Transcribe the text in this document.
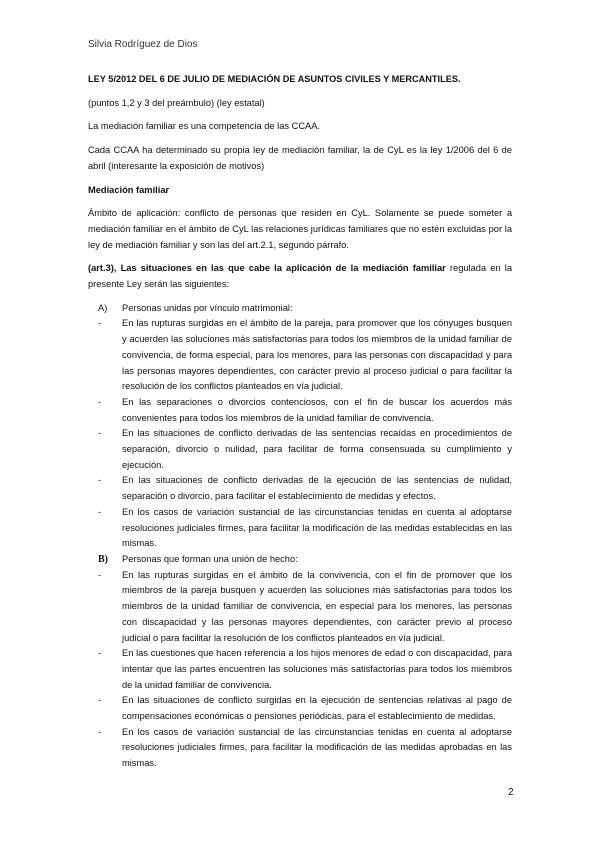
Silvia Rodríguez de Dios

LEY 5/2012 DEL 6 DE JULIO DE MEDIACIÓN DE ASUNTOS CIVILES Y MERCANTILES.

(puntos 1,2 y 3 del preámbulo) (ley estatal)

La mediación familiar es una competencia de las CCAA.

Cada CCAA ha determinado su propia ley de mediación familiar, la de CyL es la ley 1/2006 del 6 de abril (interesante la exposición de motivos)

Mediación familiar

Ámbito de aplicación: conflicto de personas que residen en CyL. Solamente se puede someter a mediación familiar en el ámbito de CyL las relaciones jurídicas familiares que no estén excluidas por la ley de mediación familiar y son las del art.2.1, segundo párrafo.

(art.3), Las situaciones en las que cabe la aplicación de la mediación familiar regulada en la presente Ley serán las siguientes:

A)	Personas unidas por vínculo matrimonial:
-	En las rupturas surgidas en el ámbito de la pareja, para promover que los cónyuges busquen y acuerden las soluciones más satisfactorias para todos los miembros de la unidad familiar de convivencia, de forma especial, para los menores, para las personas con discapacidad y para las personas mayores dependientes, con carácter previo al proceso judicial o para facilitar la resolución de los conflictos planteados en vía judicial.
-	En las separaciones o divorcios contenciosos, con el fin de buscar los acuerdos más convenientes para todos los miembros de la unidad familiar de convivencia.
-	En las situaciones de conflicto derivadas de las sentencias recaídas en procedimientos de separación, divorcio o nulidad, para facilitar de forma consensuada su cumplimiento y ejecución.
-	En las situaciones de conflicto derivadas de la ejecución de las sentencias de nulidad, separación o divorcio, para facilitar el establecimiento de medidas y efectos.
-	En los casos de variación sustancial de las circunstancias tenidas en cuenta al adoptarse resoluciones judiciales firmes, para facilitar la modificación de las medidas establecidas en las mismas.
B)	Personas que forman una unión de hecho:
-	En las rupturas surgidas en el ámbito de la convivencia, con el fin de promover que los miembros de la pareja busquen y acuerden las soluciones más satisfactorias para todos los miembros de la unidad familiar de convivencia, en especial para los menores, las personas con discapacidad y las personas mayores dependientes, con carácter previo al proceso judicial o para facilitar la resolución de los conflictos planteados en vía judicial.
-	En las cuestiones que hacen referencia a los hijos menores de edad o con discapacidad, para intentar que las partes encuentren las soluciones más satisfactorias para todos los miembros de la unidad familiar de convivencia.
-	En las situaciones de conflicto surgidas en la ejecución de sentencias relativas al pago de compensaciones económicas o pensiones periódicas, para el establecimiento de medidas.
-	En los casos de variación sustancial de las circunstancias tenidas en cuenta al adoptarse resoluciones judiciales firmes, para facilitar la modificación de las medidas aprobadas en las mismas.
2
